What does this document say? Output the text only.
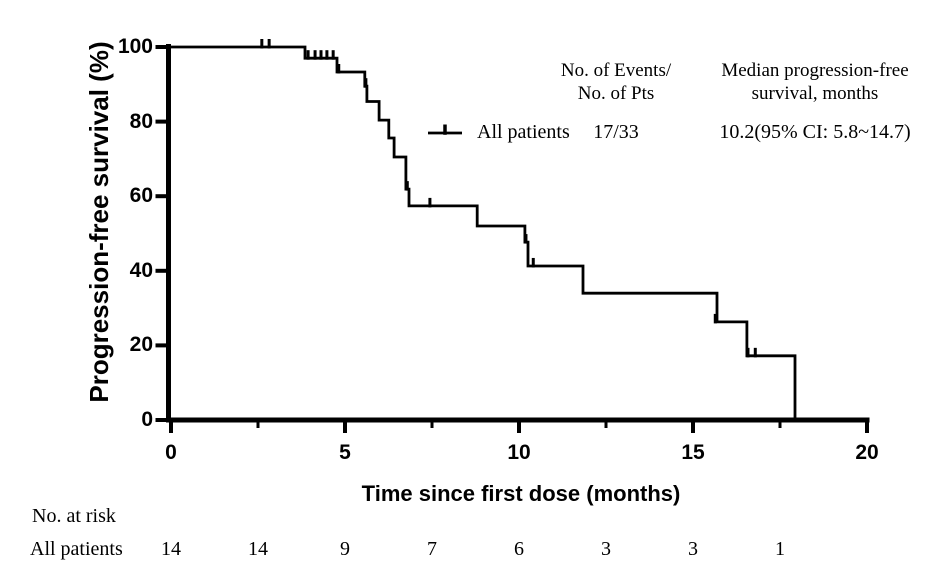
Progression-free survival (%)
Time since first dose (months)
0
20
40
60
80
100
0	5	10	15	20
No. of Events/
No. of Pts
Median progression-free
survival, months
All patients	17/33	10.2(95% CI: 5.8~14.7)
No. at risk
All patients	14	14	9	7	6	3	3	1
